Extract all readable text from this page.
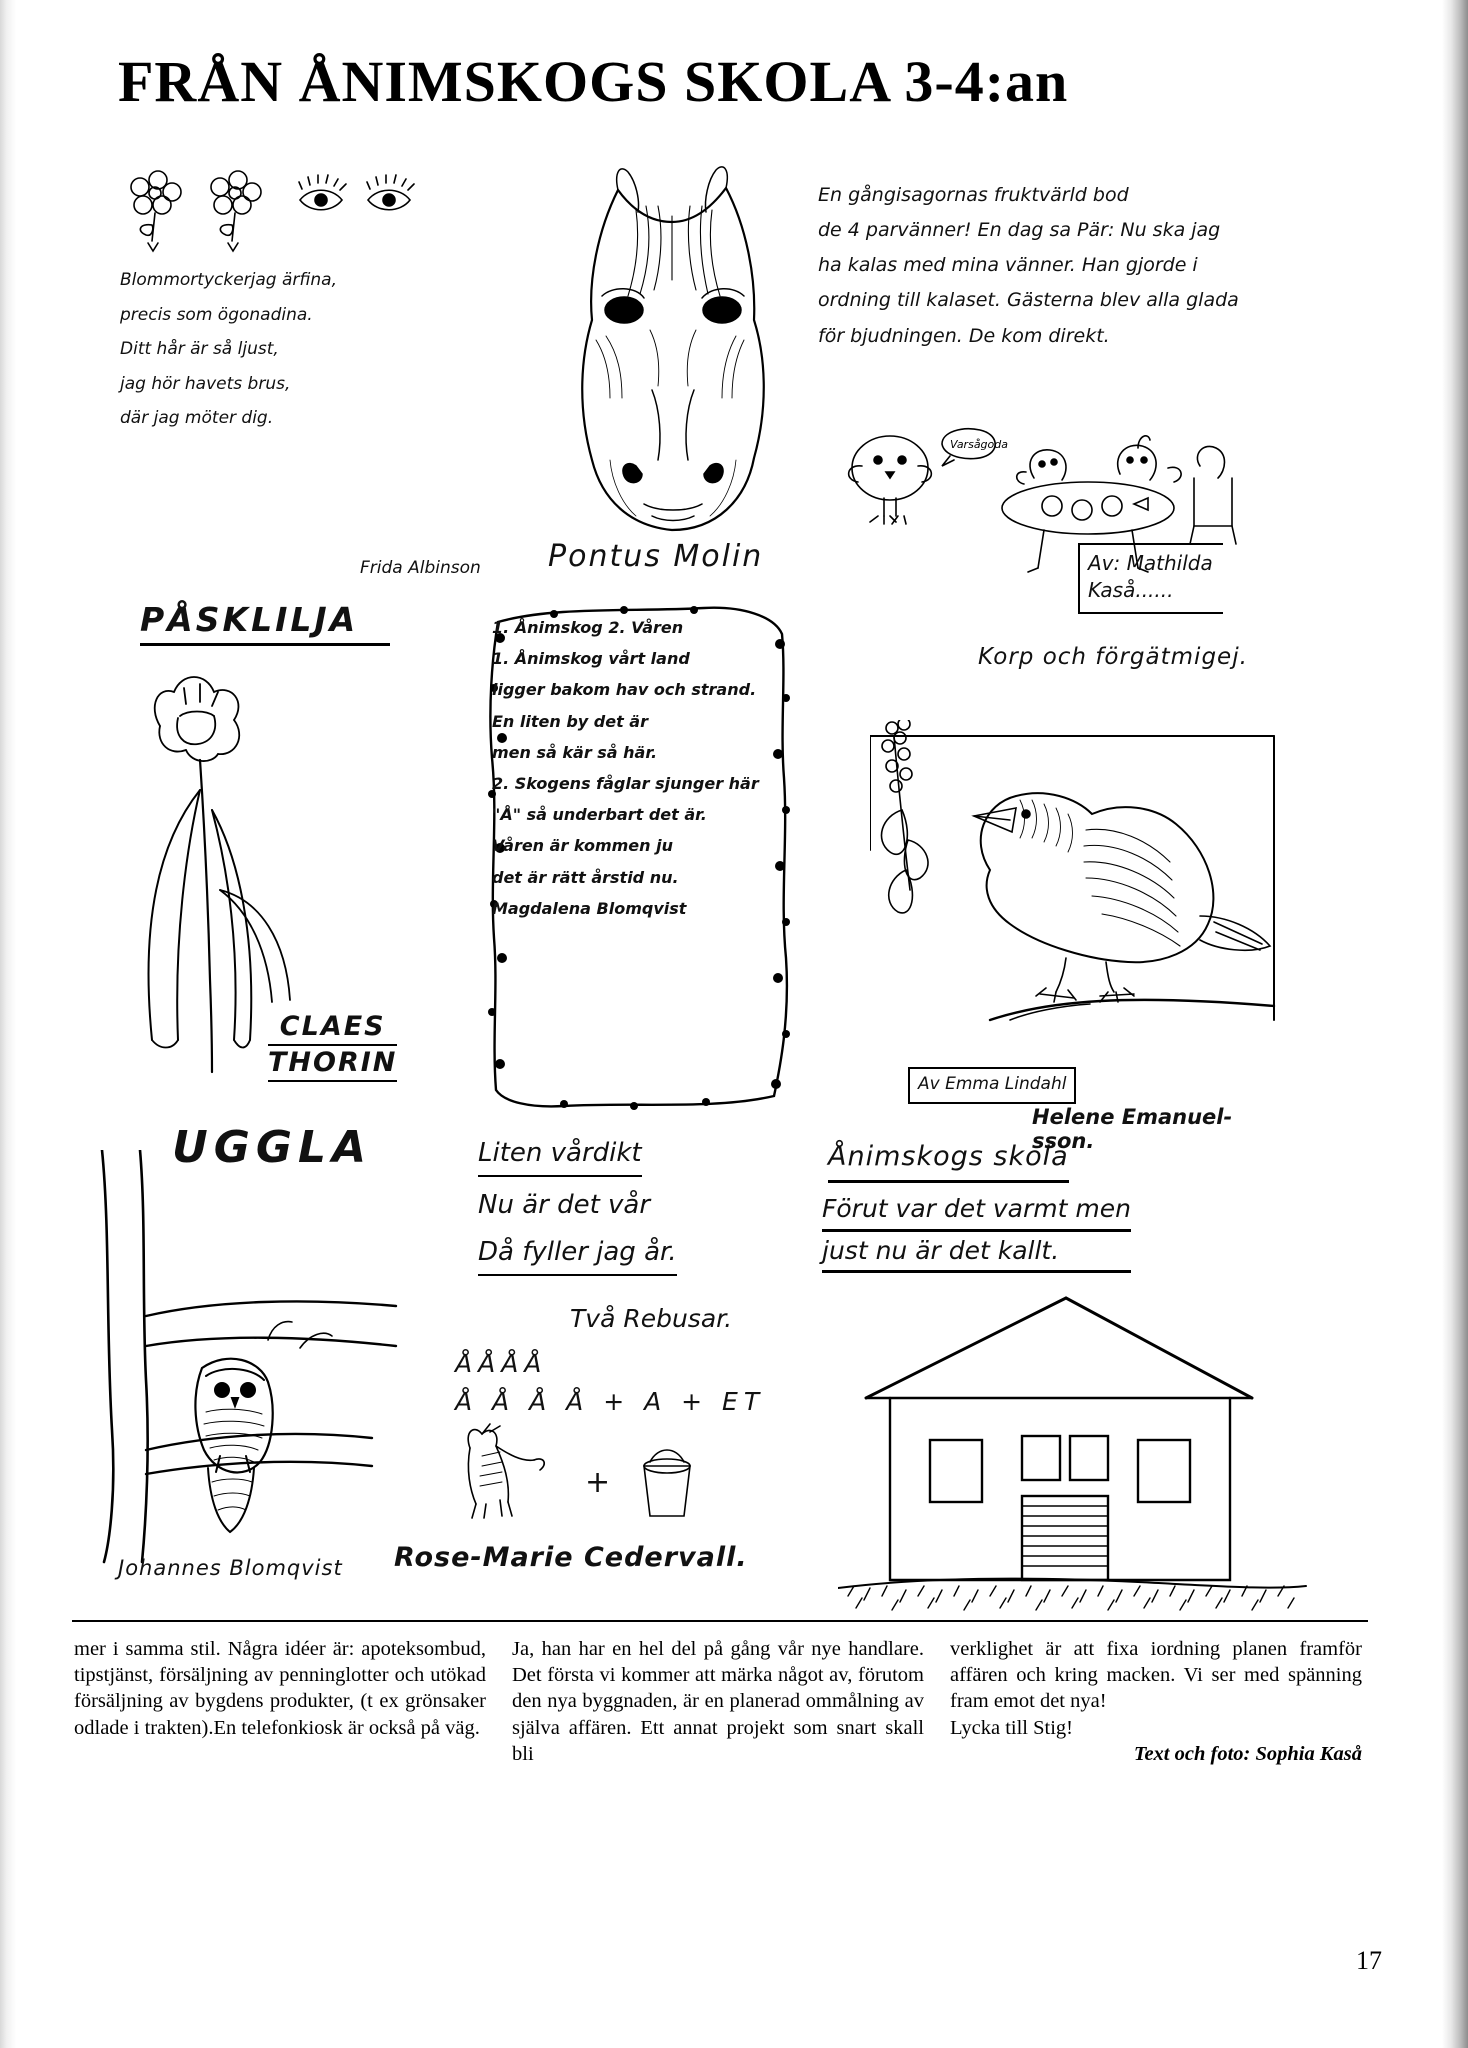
FRÅN ÅNIMSKOGS SKOLA 3-4:an
Blommortyckerjag ärfina,
precis som ögonadina.
Ditt hår är så ljust,
jag hör havets brus,
där jag möter dig.
Frida Albinson Pontus Molin
En gångisagornas fruktvärld bod
de 4 parvänner! En dag sa Pär: Nu ska jag
ha kalas med mina vänner. Han gjorde i
ordning till kalaset. Gästerna blev alla glada
för bjudningen. De kom direkt.
Varsågoda
Av: Mathilda
Kaså......
PÅSKLILJA
CLAES
THORIN
1. Ånimskog 2. Våren
1. Ånimskog vårt land
ligger bakom hav och strand.
En liten by det är
men så kär så här.
2. Skogens fåglar sjunger här
"Å" så underbart det är.
Våren är kommen ju
det är rätt årstid nu.
Magdalena Blomqvist
Korp och förgätmigej.
Av Emma Lindahl
UGGLA
Johannes Blomqvist
Liten vårdikt
Nu är det vår
Då fyller jag år.
Två Rebusar.
ÅÅÅÅ
Å Å Å Å + A + ET
+
Rose-Marie Cedervall.
Helene Emanuel-
sson.
Ånimskogs skola
Förut var det varmt men
just nu är det kallt.

mer i samma stil. Några idéer är: apoteksombud, tipstjänst, försäljning av penninglotter och utökad försäljning av bygdens produkter, (t ex grönsaker odlade i trakten).En telefonkiosk är också på väg.

Ja, han har en hel del på gång vår nye handlare. Det första vi kommer att märka något av, förutom den nya byggnaden, är en planerad ommålning av själva affären. Ett annat projekt som snart skall bli

verklighet är att fixa iordning planen framför affären och kring macken. Vi ser med spänning fram emot det nya!

Lycka till Stig!

Text och foto: Sophia Kaså

17
